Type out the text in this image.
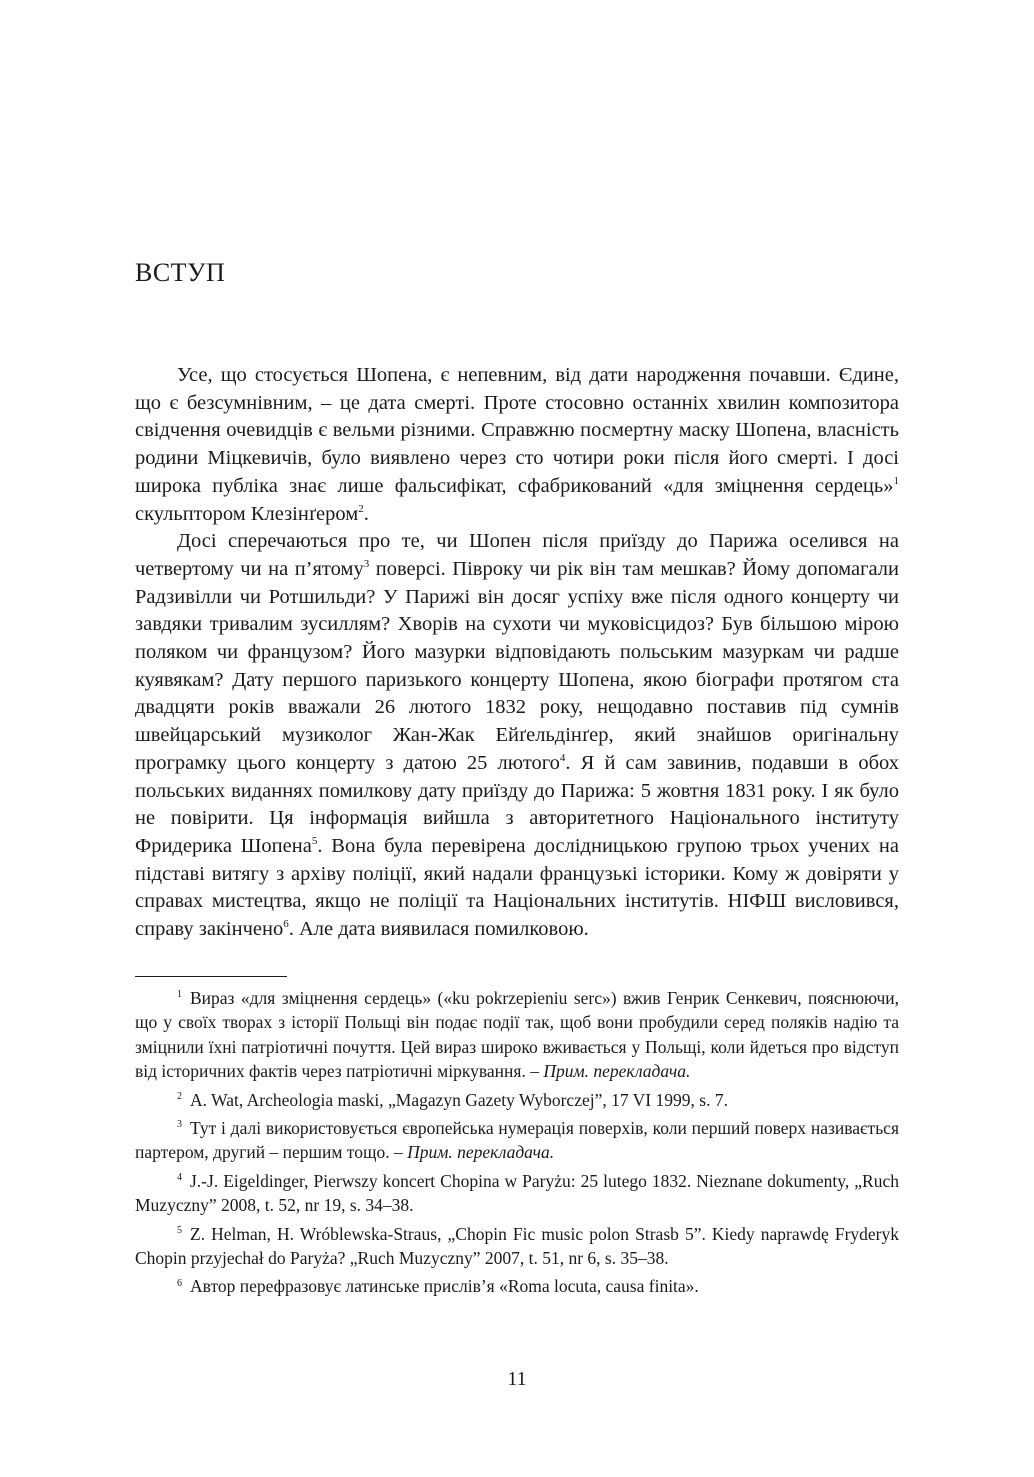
ВСТУП

Усе, що стосується Шопена, є непевним, від дати народження почавши. Єдине, що є безсумнівним, – це дата смерті. Проте стосовно останніх хвилин композитора свідчення очевидців є вельми різними. Справжню посмертну маску Шопена, власність родини Міцкевичів, було виявлено через сто чотири роки після його смерті. І досі широка публіка знає лише фальсифікат, сфабрикований «для зміцнення сердець»$^1$ скульптором Клезінґером$^2$.

Досі сперечаються про те, чи Шопен після приїзду до Парижа оселився на четвертому чи на п’ятому$^3$ поверсі. Півроку чи рік він там мешкав? Йому допомагали Радзивілли чи Ротшильди? У Парижі він досяг успіху вже після одного концерту чи завдяки тривалим зусиллям? Хворів на сухоти чи муковісцидоз? Був більшою мірою поляком чи французом? Його мазурки відповідають польським мазуркам чи радше куявякам? Дату першого паризького концерту Шопена, якою біографи протягом ста двадцяти років вважали 26 лютого 1832 року, нещодавно поставив під сумнів швейцарський музиколог Жан-Жак Ейґельдінґер, який знайшов оригінальну програмку цього концерту з датою 25 лютого$^4$. Я й сам завинив, подавши в обох польських виданнях помилкову дату приїзду до Парижа: 5 жовтня 1831 року. І як було не повірити. Ця інформація вийшла з авторитетного Національного інституту Фридерика Шопена$^5$. Вона була перевірена дослідницькою групою трьох учених на підставі витягу з архіву поліції, який надали французькі історики. Кому ж довіряти у справах мистецтва, якщо не поліції та Національних інститутів. НІФШ висловився, справу закінчено$^6$. Але дата виявилася помилковою.

$^1$ Вираз «для зміцнення сердець» («ku pokrzepieniu serc») вжив Генрик Сенкевич, пояснюючи, що у своїх творах з історії Польщі він подає події так, щоб вони пробудили серед поляків надію та зміцнили їхні патріотичні почуття. Цей вираз широко вживається у Польщі, коли йдеться про відступ від історичних фактів через патріотичні міркування. – Прим. перекладача.

$^2$ A. Wat, Archeologia maski, „Magazyn Gazety Wyborczej”, 17 VI 1999, s. 7.

$^3$ Тут і далі використовується європейська нумерація поверхів, коли перший поверх називається партером, другий – першим тощо. – Прим. перекладача.

$^4$ J.-J. Eigeldinger, Pierwszy koncert Chopina w Paryżu: 25 lutego 1832. Nieznane dokumenty, „Ruch Muzyczny” 2008, t. 52, nr 19, s. 34–38.

$^5$ Z. Helman, H. Wróblewska-Straus, „Chopin Fic music polon Strasb 5”. Kiedy naprawdę Fryderyk Chopin przyjechał do Paryża? „Ruch Muzyczny” 2007, t. 51, nr 6, s. 35–38.

$^6$ Автор перефразовує латинське прислів’я «Roma locuta, causa finita».

11
